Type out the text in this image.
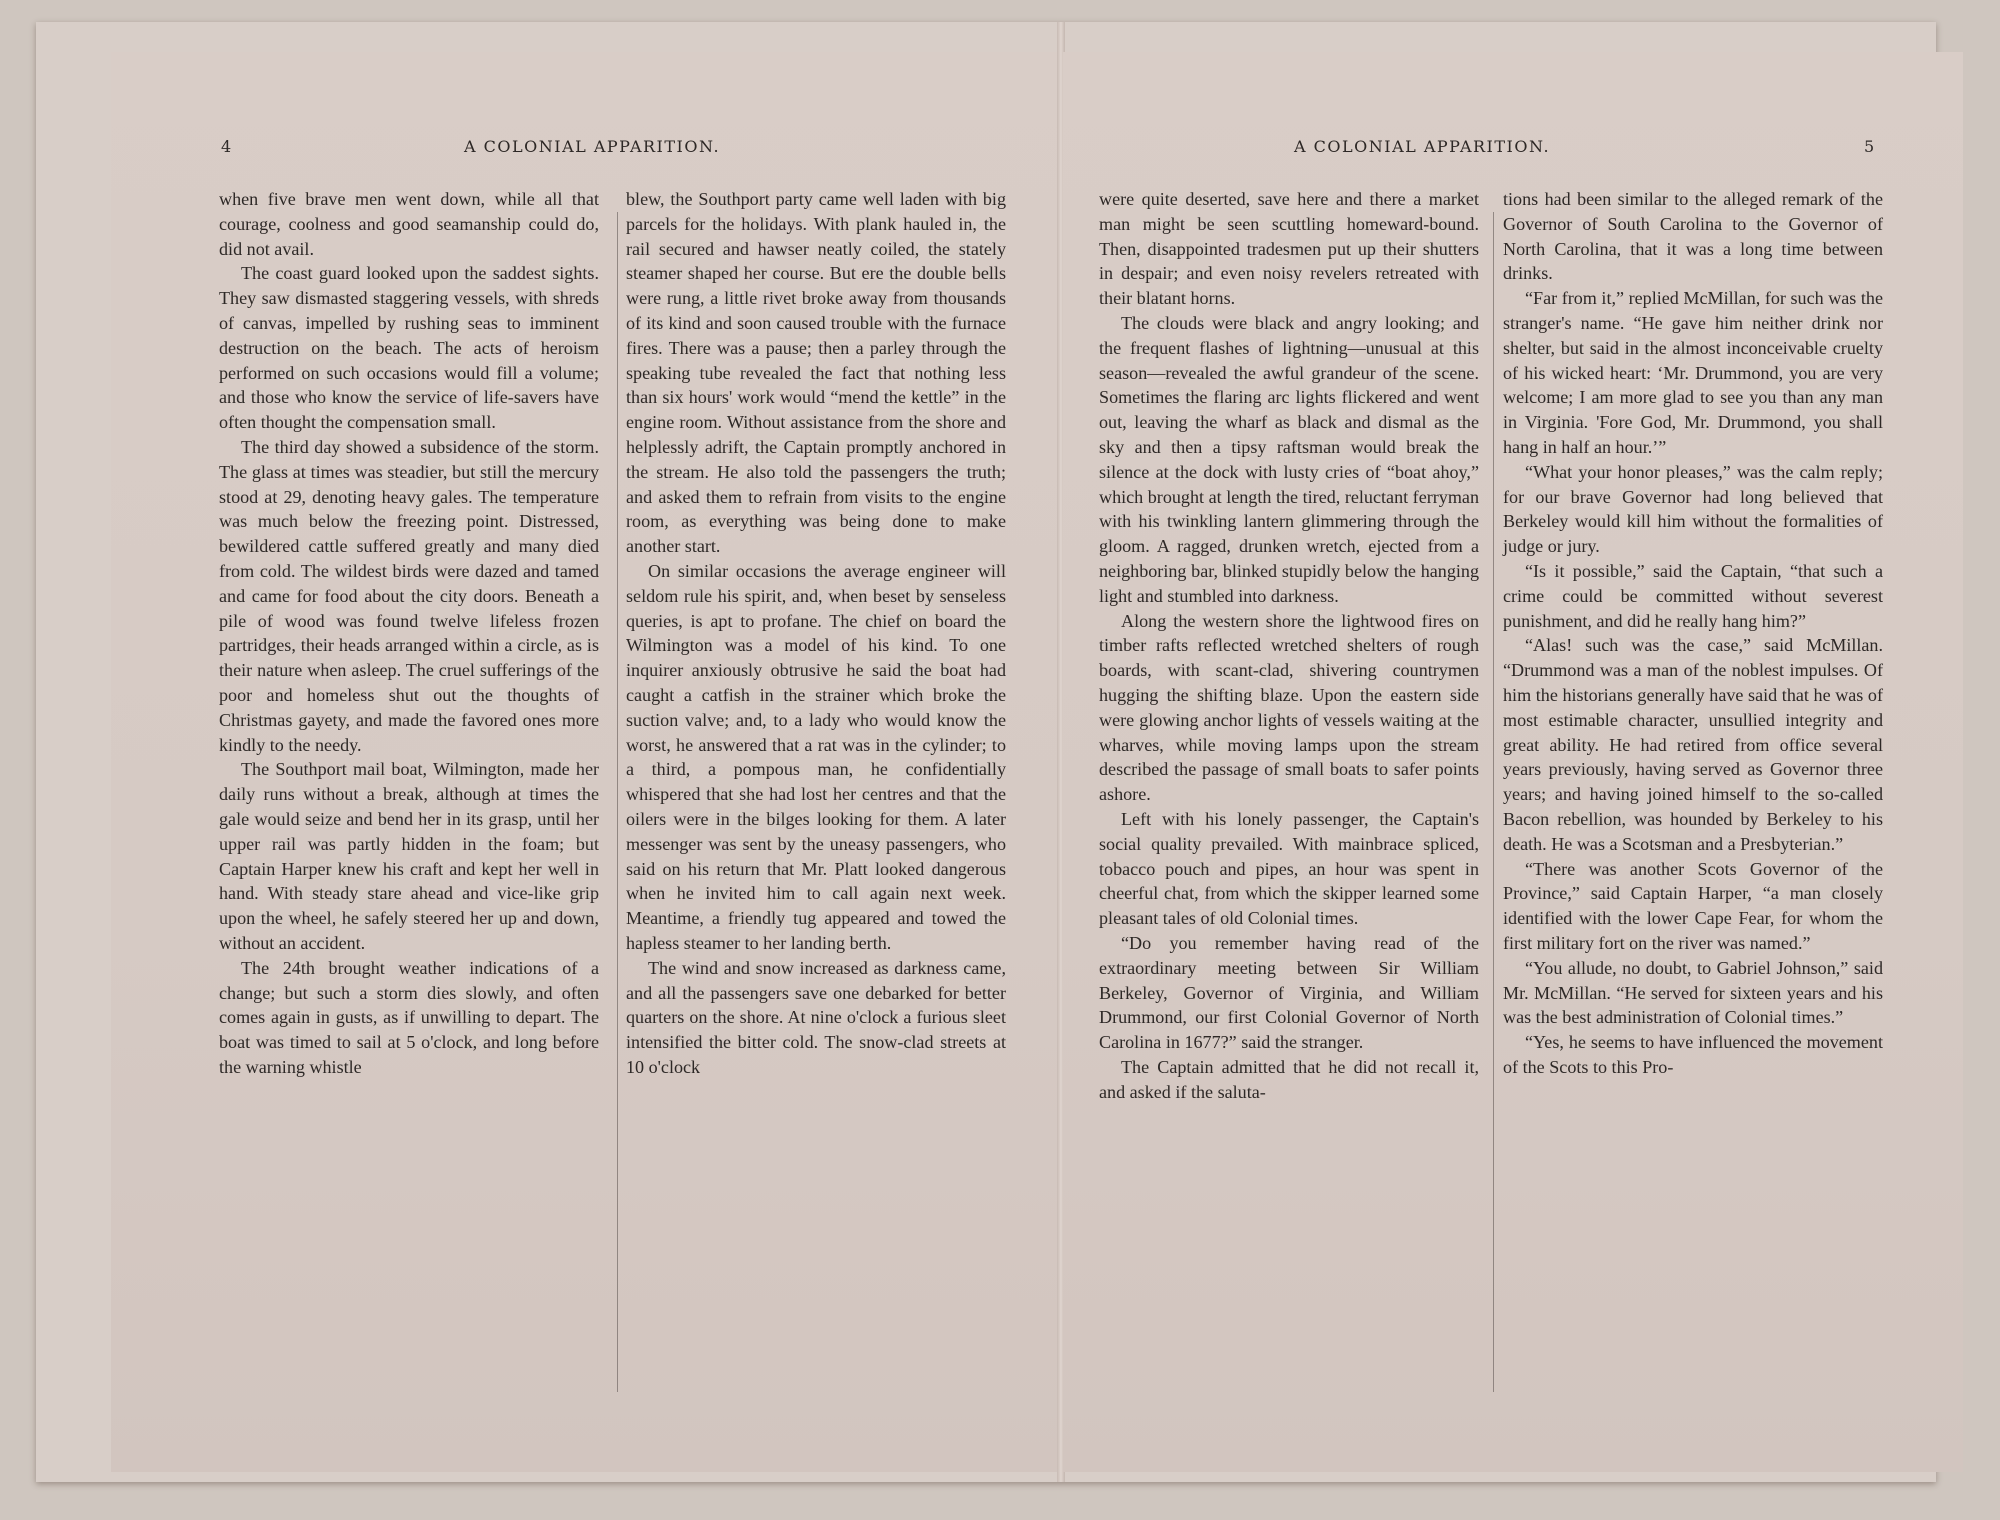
4	A COLONIAL APPARITION.

when five brave men went down, while all that courage, coolness and good seamanship could do, did not avail.

The coast guard looked upon the saddest sights. They saw dismasted staggering vessels, with shreds of canvas, impelled by rushing seas to imminent destruction on the beach. The acts of heroism performed on such occasions would fill a volume; and those who know the service of life-savers have often thought the compensation small.

The third day showed a subsidence of the storm. The glass at times was steadier, but still the mercury stood at 29, denoting heavy gales. The temperature was much below the freezing point. Distressed, bewildered cattle suffered greatly and many died from cold. The wildest birds were dazed and tamed and came for food about the city doors. Beneath a pile of wood was found twelve lifeless frozen partridges, their heads arranged within a circle, as is their nature when asleep. The cruel sufferings of the poor and homeless shut out the thoughts of Christmas gayety, and made the favored ones more kindly to the needy.

The Southport mail boat, Wilmington, made her daily runs without a break, although at times the gale would seize and bend her in its grasp, until her upper rail was partly hidden in the foam; but Captain Harper knew his craft and kept her well in hand. With steady stare ahead and vice-like grip upon the wheel, he safely steered her up and down, without an accident.

The 24th brought weather indications of a change; but such a storm dies slowly, and often comes again in gusts, as if unwilling to depart. The boat was timed to sail at 5 o'clock, and long before the warning whistle

blew, the Southport party came well laden with big parcels for the holidays. With plank hauled in, the rail secured and hawser neatly coiled, the stately steamer shaped her course. But ere the double bells were rung, a little rivet broke away from thousands of its kind and soon caused trouble with the furnace fires. There was a pause; then a parley through the speaking tube revealed the fact that nothing less than six hours' work would “mend the kettle” in the engine room. Without assistance from the shore and helplessly adrift, the Captain promptly anchored in the stream. He also told the passengers the truth; and asked them to refrain from visits to the engine room, as everything was being done to make another start.

On similar occasions the average engineer will seldom rule his spirit, and, when beset by senseless queries, is apt to profane. The chief on board the Wilmington was a model of his kind. To one inquirer anxiously obtrusive he said the boat had caught a catfish in the strainer which broke the suction valve; and, to a lady who would know the worst, he answered that a rat was in the cylinder; to a third, a pompous man, he confidentially whispered that she had lost her centres and that the oilers were in the bilges looking for them. A later messenger was sent by the uneasy passengers, who said on his return that Mr. Platt looked dangerous when he invited him to call again next week. Meantime, a friendly tug appeared and towed the hapless steamer to her landing berth.

The wind and snow increased as darkness came, and all the passengers save one debarked for better quarters on the shore. At nine o'clock a furious sleet intensified the bitter cold. The snow-clad streets at 10 o'clock

A COLONIAL APPARITION.	5

were quite deserted, save here and there a market man might be seen scuttling homeward-bound. Then, disappointed tradesmen put up their shutters in despair; and even noisy revelers retreated with their blatant horns.

The clouds were black and angry looking; and the frequent flashes of lightning—unusual at this season—revealed the awful grandeur of the scene. Sometimes the flaring arc lights flickered and went out, leaving the wharf as black and dismal as the sky and then a tipsy raftsman would break the silence at the dock with lusty cries of “boat ahoy,” which brought at length the tired, reluctant ferryman with his twinkling lantern glimmering through the gloom. A ragged, drunken wretch, ejected from a neighboring bar, blinked stupidly below the hanging light and stumbled into darkness.

Along the western shore the lightwood fires on timber rafts reflected wretched shelters of rough boards, with scant-clad, shivering countrymen hugging the shifting blaze. Upon the eastern side were glowing anchor lights of vessels waiting at the wharves, while moving lamps upon the stream described the passage of small boats to safer points ashore.

Left with his lonely passenger, the Captain's social quality prevailed. With mainbrace spliced, tobacco pouch and pipes, an hour was spent in cheerful chat, from which the skipper learned some pleasant tales of old Colonial times.

“Do you remember having read of the extraordinary meeting between Sir William Berkeley, Governor of Virginia, and William Drummond, our first Colonial Governor of North Carolina in 1677?” said the stranger.

The Captain admitted that he did not recall it, and asked if the saluta-

tions had been similar to the alleged remark of the Governor of South Carolina to the Governor of North Carolina, that it was a long time between drinks.

“Far from it,” replied McMillan, for such was the stranger's name. “He gave him neither drink nor shelter, but said in the almost inconceivable cruelty of his wicked heart: ‘Mr. Drummond, you are very welcome; I am more glad to see you than any man in Virginia. 'Fore God, Mr. Drummond, you shall hang in half an hour.’”

“What your honor pleases,” was the calm reply; for our brave Governor had long believed that Berkeley would kill him without the formalities of judge or jury.

“Is it possible,” said the Captain, “that such a crime could be committed without severest punishment, and did he really hang him?”

“Alas! such was the case,” said McMillan. “Drummond was a man of the noblest impulses. Of him the historians generally have said that he was of most estimable character, unsullied integrity and great ability. He had retired from office several years previously, having served as Governor three years; and having joined himself to the so-called Bacon rebellion, was hounded by Berkeley to his death. He was a Scotsman and a Presbyterian.”

“There was another Scots Governor of the Province,” said Captain Harper, “a man closely identified with the lower Cape Fear, for whom the first military fort on the river was named.”

“You allude, no doubt, to Gabriel Johnson,” said Mr. McMillan. “He served for sixteen years and his was the best administration of Colonial times.”

“Yes, he seems to have influenced the movement of the Scots to this Pro-
